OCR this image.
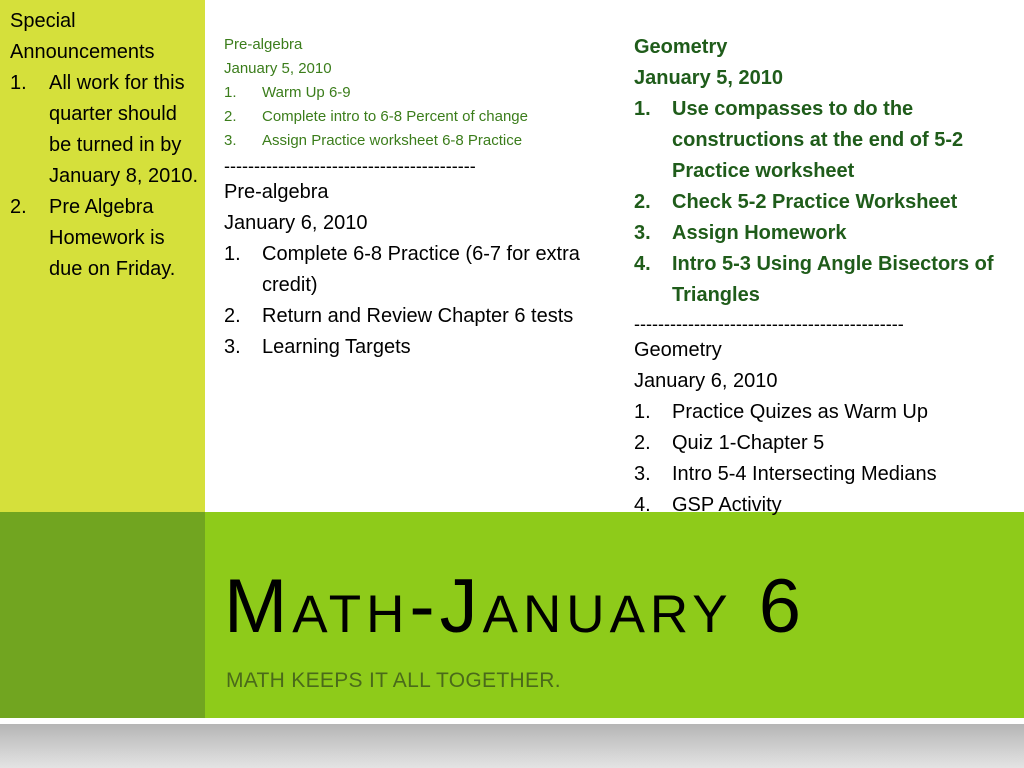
Special
Announcements
1. All work for this quarter should be turned in by January 8, 2010.
2. Pre Algebra Homework is due on Friday.
Pre-algebra
January 5, 2010
1. Warm Up 6-9
2. Complete intro to 6-8 Percent of change
3. Assign Practice worksheet 6-8 Practice
------------------------------------------
Pre-algebra
January 6, 2010
1. Complete 6-8 Practice (6-7 for extra credit)
2. Return and Review Chapter 6 tests
3. Learning Targets
Geometry
January 5, 2010
1. Use compasses to do the constructions at the end of 5-2 Practice worksheet
2. Check 5-2 Practice Worksheet
3. Assign Homework
4. Intro 5-3 Using Angle Bisectors of Triangles
---------------------------------------------
Geometry
January 6, 2010
1. Practice Quizes as Warm Up
2. Quiz 1-Chapter 5
3. Intro 5-4 Intersecting Medians
4. GSP Activity
Math-January 6

MATH KEEPS IT ALL TOGETHER.
